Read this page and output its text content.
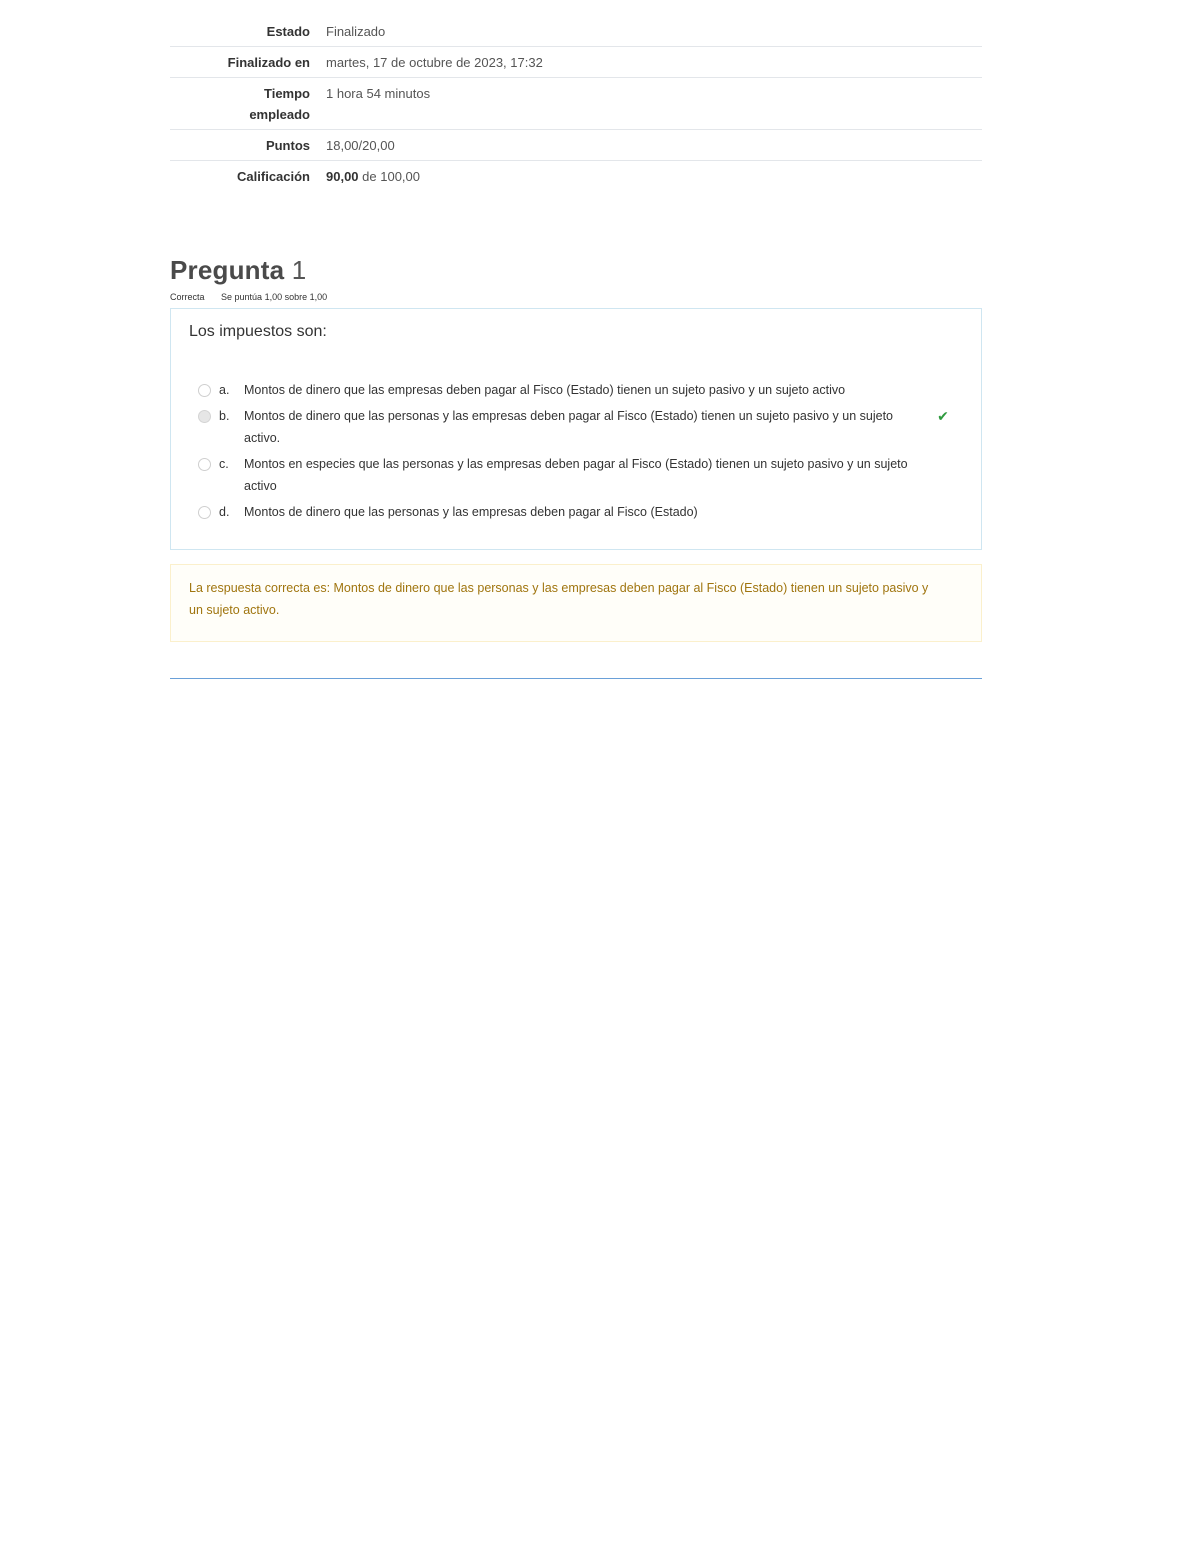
Estado	Finalizado
Finalizado en	martes, 17 de octubre de 2023, 17:32
Tiempo
empleado	1 hora 54 minutos
Puntos	18,00/20,00
Calificación	90,00 de 100,00
Pregunta 1
Correcta Se puntúa 1,00 sobre 1,00
Los impuestos son:
a.	Montos de dinero que las empresas deben pagar al Fisco (Estado) tienen un sujeto pasivo y un sujeto activo
b.	Montos de dinero que las personas y las empresas deben pagar al Fisco (Estado) tienen un sujeto pasivo y un sujeto activo.
✔
c.	Montos en especies que las personas y las empresas deben pagar al Fisco (Estado) tienen un sujeto pasivo y un sujeto activo
d.	Montos de dinero que las personas y las empresas deben pagar al Fisco (Estado)
La respuesta correcta es: Montos de dinero que las personas y las empresas deben pagar al Fisco (Estado) tienen un sujeto pasivo y un sujeto activo.
